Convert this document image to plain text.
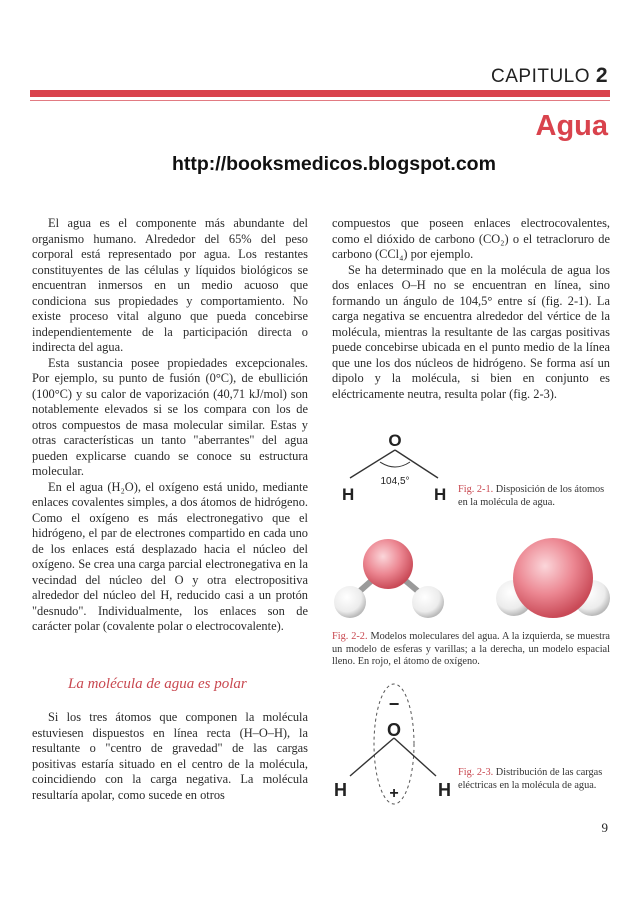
CAPITULO 2
Agua
http://booksmedicos.blogspot.com

El agua es el componente más abundante del organismo humano. Alrededor del 65% del peso corporal está representado por agua. Los restantes constituyentes de las células y líquidos biológicos se encuentran inmersos en un medio acuoso que condiciona sus propiedades y comportamiento. No existe proceso vital alguno que pueda concebirse independientemente de la participación directa o indirecta del agua.

Esta sustancia posee propiedades excepcionales. Por ejemplo, su punto de fusión (0°C), de ebullición (100°C) y su calor de vaporización (40,71 kJ/mol) son notablemente elevados si se los compara con los de otros compuestos de masa molecular similar. Estas y otras características un tanto "aberrantes" del agua pueden explicarse cuando se conoce su estructura molecular.

En el agua (H₂O), el oxígeno está unido, mediante enlaces covalentes simples, a dos átomos de hidrógeno. Como el oxígeno es más electronegativo que el hidrógeno, el par de electrones compartido en cada uno de los enlaces está desplazado hacia el núcleo del oxígeno. Se crea una carga parcial electronegativa en la vecindad del núcleo del O y otra electropositiva alrededor del núcleo del H, reducido casi a un protón "desnudo". Individualmente, los enlaces son de carácter polar (covalente polar o electrocovalente).

compuestos que poseen enlaces electrocovalentes, como el dióxido de carbono (CO₂) o el tetracloruro de carbono (CCl₄) por ejemplo.

Se ha determinado que en la molécula de agua los dos enlaces O–H no se encuentran en línea, sino formando un ángulo de 104,5° entre sí (fig. 2-1). La carga negativa se encuentra alrededor del vértice de la molécula, mientras la resultante de las cargas positivas puede concebirse ubicada en el punto medio de la línea que une los dos núcleos de hidrógeno. Se forma así un dipolo y la molécula, si bien en conjunto es eléctricamente neutra, resulta polar (fig. 2-3).

O
H	H
104,5°
Fig. 2-1. Disposición de los átomos en la molécula de agua.
Fig. 2-2. Modelos moleculares del agua. A la izquierda, se muestra un modelo de esferas y varillas; a la derecha, un modelo espacial lleno. En rojo, el átomo de oxígeno.
La molécula de agua es polar

Si los tres átomos que componen la molécula estuviesen dispuestos en línea recta (H–O–H), la resultante o "centro de gravedad" de las cargas positivas estaría situado en el centro de la molécula, coincidiendo con la carga negativa. La molécula resultaría apolar, como sucede en otros

−
O
+
H	H
Fig. 2-3. Distribución de las cargas eléctricas en la molécula de agua.
9
